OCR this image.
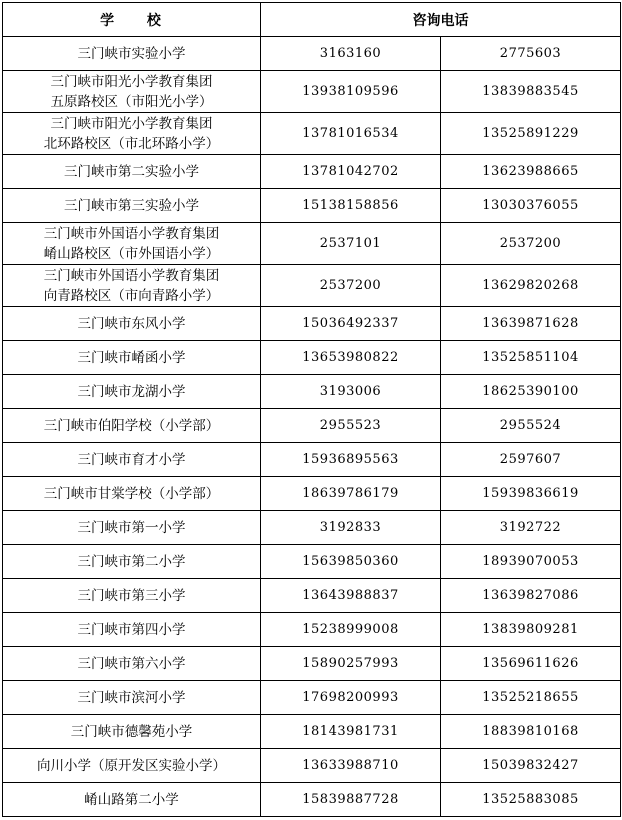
学 校	咨询电话	

三门峡市实验小学	3163160	2775603

三门峡市阳光小学教育集团
五原路校区（市阳光小学）	13938109596	13839883545

三门峡市阳光小学教育集团
北环路校区（市北环路小学）	13781016534	13525891229

三门峡市第二实验小学	13781042702	13623988665

三门峡市第三实验小学	15138158856	13030376055

三门峡市外国语小学教育集团
崤山路校区（市外国语小学）	2537101	2537200

三门峡市外国语小学教育集团
向青路校区（市向青路小学）	2537200	13629820268

三门峡市东风小学	15036492337	13639871628

三门峡市崤函小学	13653980822	13525851104

三门峡市龙湖小学	3193006	18625390100

三门峡市伯阳学校（小学部）	2955523	2955524

三门峡市育才小学	15936895563	2597607

三门峡市甘棠学校（小学部）	18639786179	15939836619

三门峡市第一小学	3192833	3192722

三门峡市第二小学	15639850360	18939070053

三门峡市第三小学	13643988837	13639827086

三门峡市第四小学	15238999008	13839809281

三门峡市第六小学	15890257993	13569611626

三门峡市滨河小学	17698200993	13525218655

三门峡市德馨苑小学	18143981731	18839810168

向川小学（原开发区实验小学）	13633988710	15039832427

崤山路第二小学	15839887728	13525883085
